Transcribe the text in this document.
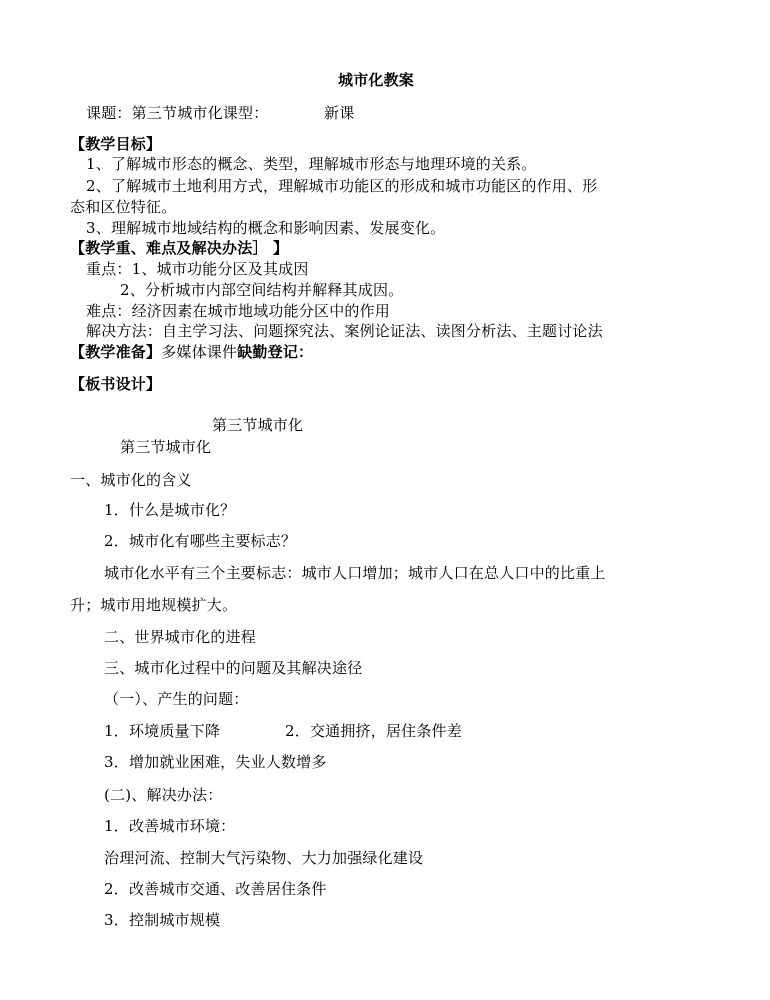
城市化教案
课题：第三节城市化课型：	新课
【教学目标】
1、了解城市形态的概念、类型，理解城市形态与地理环境的关系。
2、了解城市土地利用方式，理解城市功能区的形成和城市功能区的作用、形
态和区位特征。
3、理解城市地域结构的概念和影响因素、发展变化。
【教学重、难点及解决办法］ 】
重点：1、城市功能分区及其成因
2、分析城市内部空间结构并解释其成因。
难点：经济因素在城市地域功能分区中的作用
解决方法：自主学习法、问题探究法、案例论证法、读图分析法、主题讨论法
【教学准备】多媒体课件缺勤登记：
【板书设计】
第三节城市化
第三节城市化
一、城市化的含义
1．什么是城市化？
2．城市化有哪些主要标志？
城市化水平有三个主要标志：城市人口增加；城市人口在总人口中的比重上
升；城市用地规模扩大。
二、世界城市化的进程
三、城市化过程中的问题及其解决途径
（一）、产生的问题：
1．环境质量下降	2．交通拥挤，居住条件差
3．增加就业困难，失业人数增多
(二)、解决办法：
1．改善城市环境：
治理河流、控制大气污染物、大力加强绿化建设
2．改善城市交通、改善居住条件
3．控制城市规模
